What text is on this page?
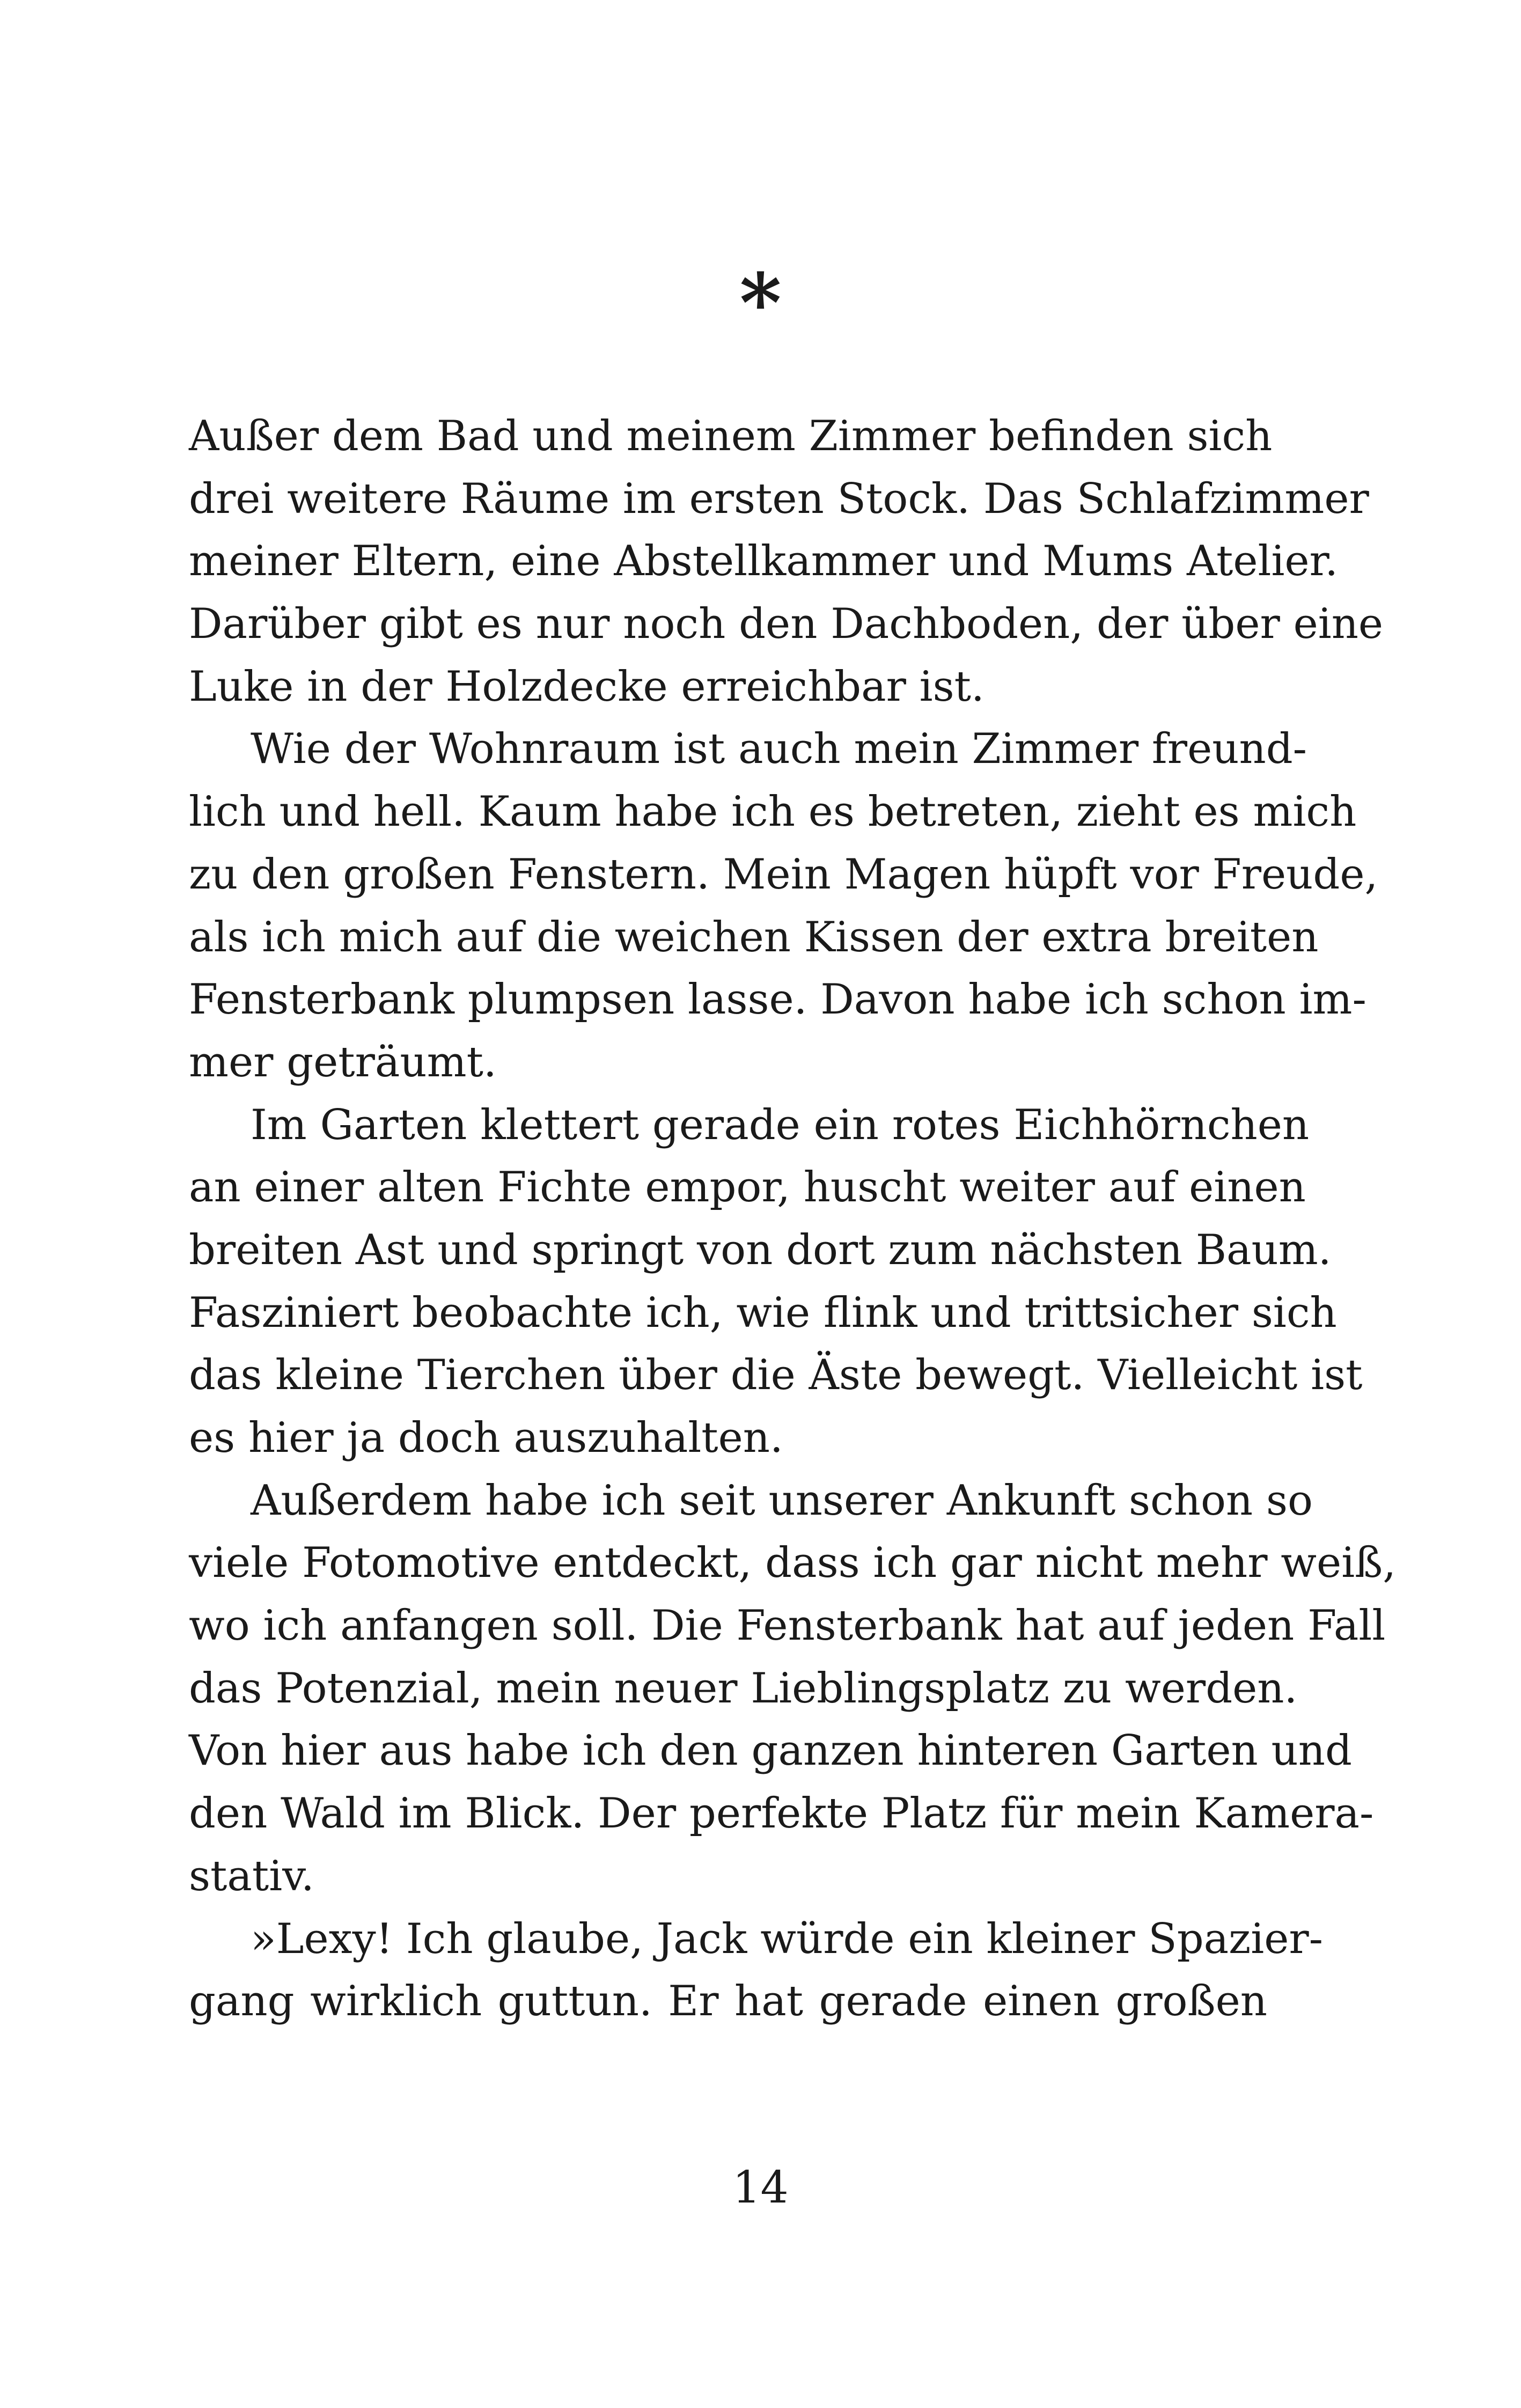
*
Außer dem Bad und meinem Zimmer befinden sich
drei weitere Räume im ersten Stock. Das Schlafzimmer
meiner Eltern, eine Abstellkammer und Mums Atelier.
Darüber gibt es nur noch den Dachboden, der über eine
Luke in der Holzdecke erreichbar ist.
Wie der Wohnraum ist auch mein Zimmer freund-
lich und hell. Kaum habe ich es betreten, zieht es mich
zu den großen Fenstern. Mein Magen hüpft vor Freude,
als ich mich auf die weichen Kissen der extra breiten
Fensterbank plumpsen lasse. Davon habe ich schon im-
mer geträumt.
Im Garten klettert gerade ein rotes Eichhörnchen
an einer alten Fichte empor, huscht weiter auf einen
breiten Ast und springt von dort zum nächsten Baum.
Fasziniert beobachte ich, wie flink und trittsicher sich
das kleine Tierchen über die Äste bewegt. Vielleicht ist
es hier ja doch auszuhalten.
Außerdem habe ich seit unserer Ankunft schon so
viele Fotomotive entdeckt, dass ich gar nicht mehr weiß,
wo ich anfangen soll. Die Fensterbank hat auf jeden Fall
das Potenzial, mein neuer Lieblingsplatz zu werden.
Von hier aus habe ich den ganzen hinteren Garten und
den Wald im Blick. Der perfekte Platz für mein Kamera-
stativ.
»Lexy! Ich glaube, Jack würde ein kleiner Spazier-
gang wirklich guttun. Er hat gerade einen großen
14
